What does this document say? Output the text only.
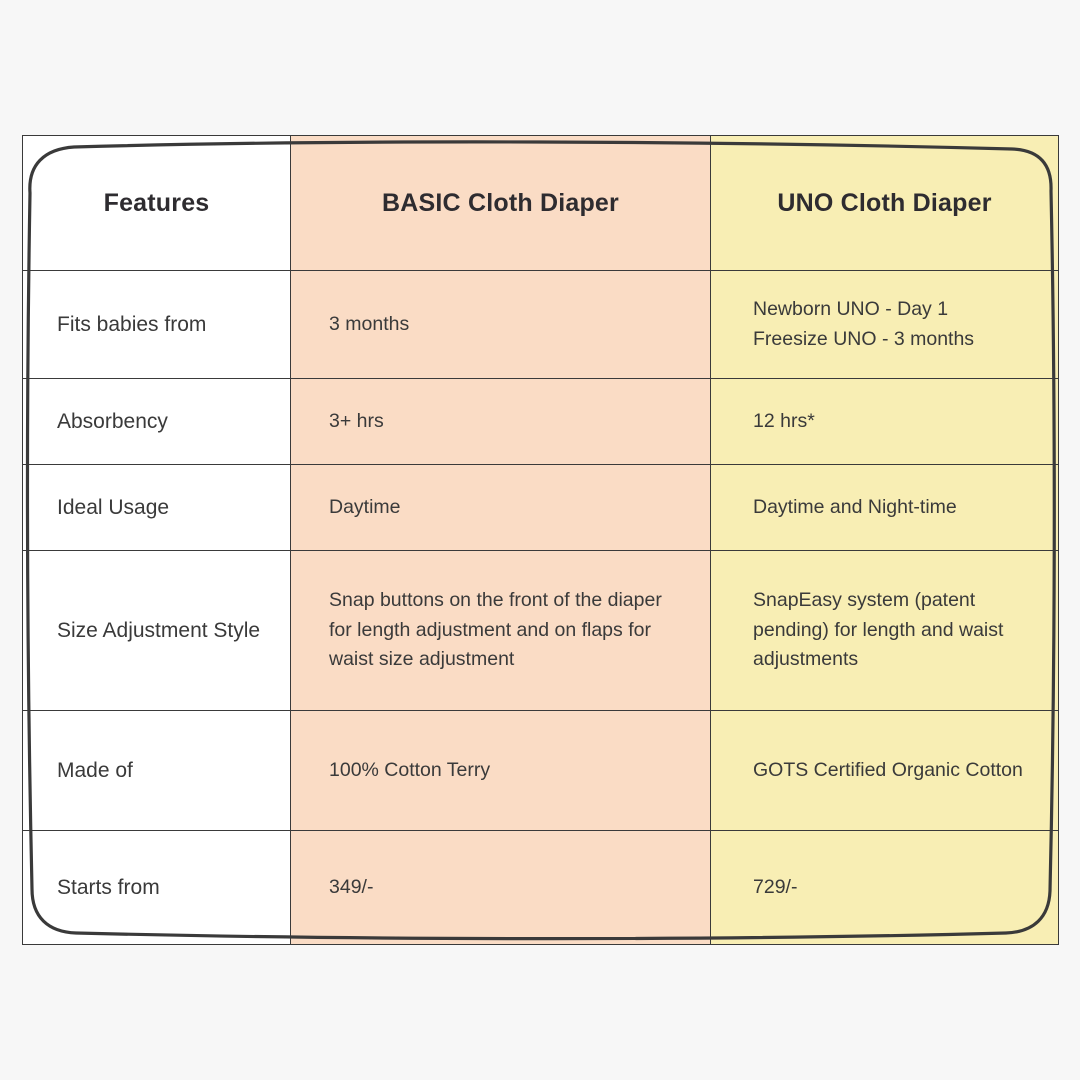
Features	BASIC Cloth Diaper	UNO Cloth Diaper
Fits babies from	3 months	Newborn UNO - Day 1
Freesize UNO - 3 months

Absorbency	3+ hrs	12 hrs*

Ideal Usage	Daytime	Daytime and Night-time

Size Adjustment Style	Snap buttons on the front of the diaper for length adjustment and on flaps for waist size adjustment	SnapEasy system (patent pending) for length and waist adjustments

Made of	100% Cotton Terry	GOTS Certified Organic Cotton

Starts from	349/-	729/-
